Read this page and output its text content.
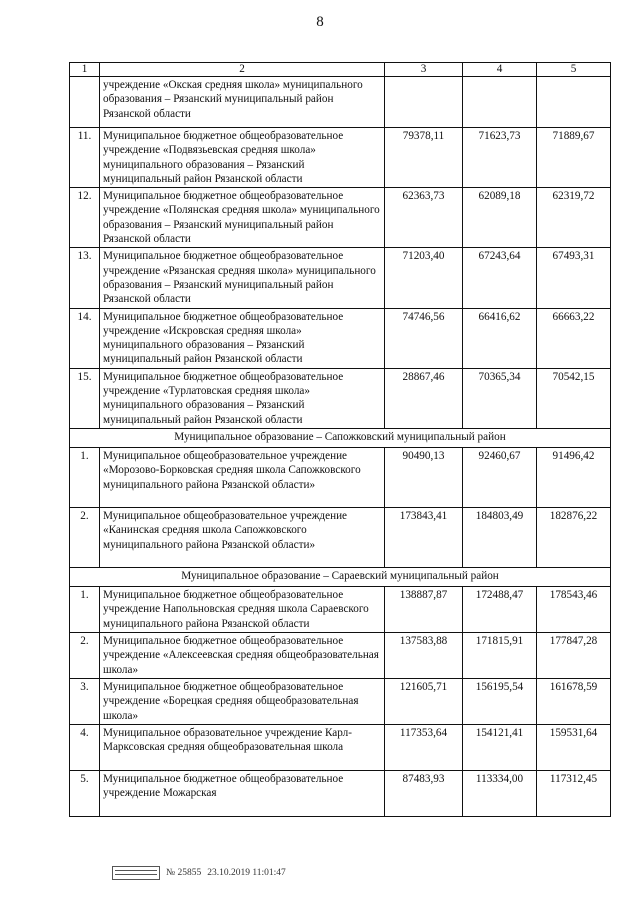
8
1	2	3	4	5
	учреждение «Окская средняя школа» муниципального образования – Рязанский муниципальный район Рязанской области			
11.	Муниципальное бюджетное общеобразовательное учреждение «Подвязьевская средняя школа» муниципального образования – Рязанский муниципальный район Рязанской области	79378,11	71623,73	71889,67
12.	Муниципальное бюджетное общеобразовательное учреждение «Полянская средняя школа» муниципального образования – Рязанский муниципальный район Рязанской области	62363,73	62089,18	62319,72
13.	Муниципальное бюджетное общеобразовательное учреждение «Рязанская средняя школа» муниципального образования – Рязанский муниципальный район Рязанской области	71203,40	67243,64	67493,31
14.	Муниципальное бюджетное общеобразовательное учреждение «Искровская средняя школа» муниципального образования – Рязанский муниципальный район Рязанской области	74746,56	66416,62	66663,22
15.	Муниципальное бюджетное общеобразовательное учреждение «Турлатовская средняя школа» муниципального образования – Рязанский муниципальный район Рязанской области	28867,46	70365,34	70542,15
Муниципальное образование – Сапожковский муниципальный район				
1.	Муниципальное общеобразовательное учреждение «Морозово-Борковская средняя школа Сапожковского муниципального района Рязанской области»	90490,13	92460,67	91496,42
2.	Муниципальное общеобразовательное учреждение «Канинская средняя школа Сапожковского муниципального района Рязанской области»	173843,41	184803,49	182876,22
Муниципальное образование – Сараевский муниципальный район				
1.	Муниципальное бюджетное общеобразовательное учреждение Напольновская средняя школа Сараевского муниципального района Рязанской области	138887,87	172488,47	178543,46
2.	Муниципальное бюджетное общеобразовательное учреждение «Алексеевская средняя общеобразовательная школа»	137583,88	171815,91	177847,28
3.	Муниципальное бюджетное общеобразовательное учреждение «Борецкая средняя общеобразовательная школа»	121605,71	156195,54	161678,59
4.	Муниципальное образовательное учреждение Карл-Марксовская средняя общеобразовательная школа	117353,64	154121,41	159531,64
5.	Муниципальное бюджетное общеобразовательное учреждение Можарская	87483,93	113334,00	117312,45
№ 25855 23.10.2019 11:01:47
